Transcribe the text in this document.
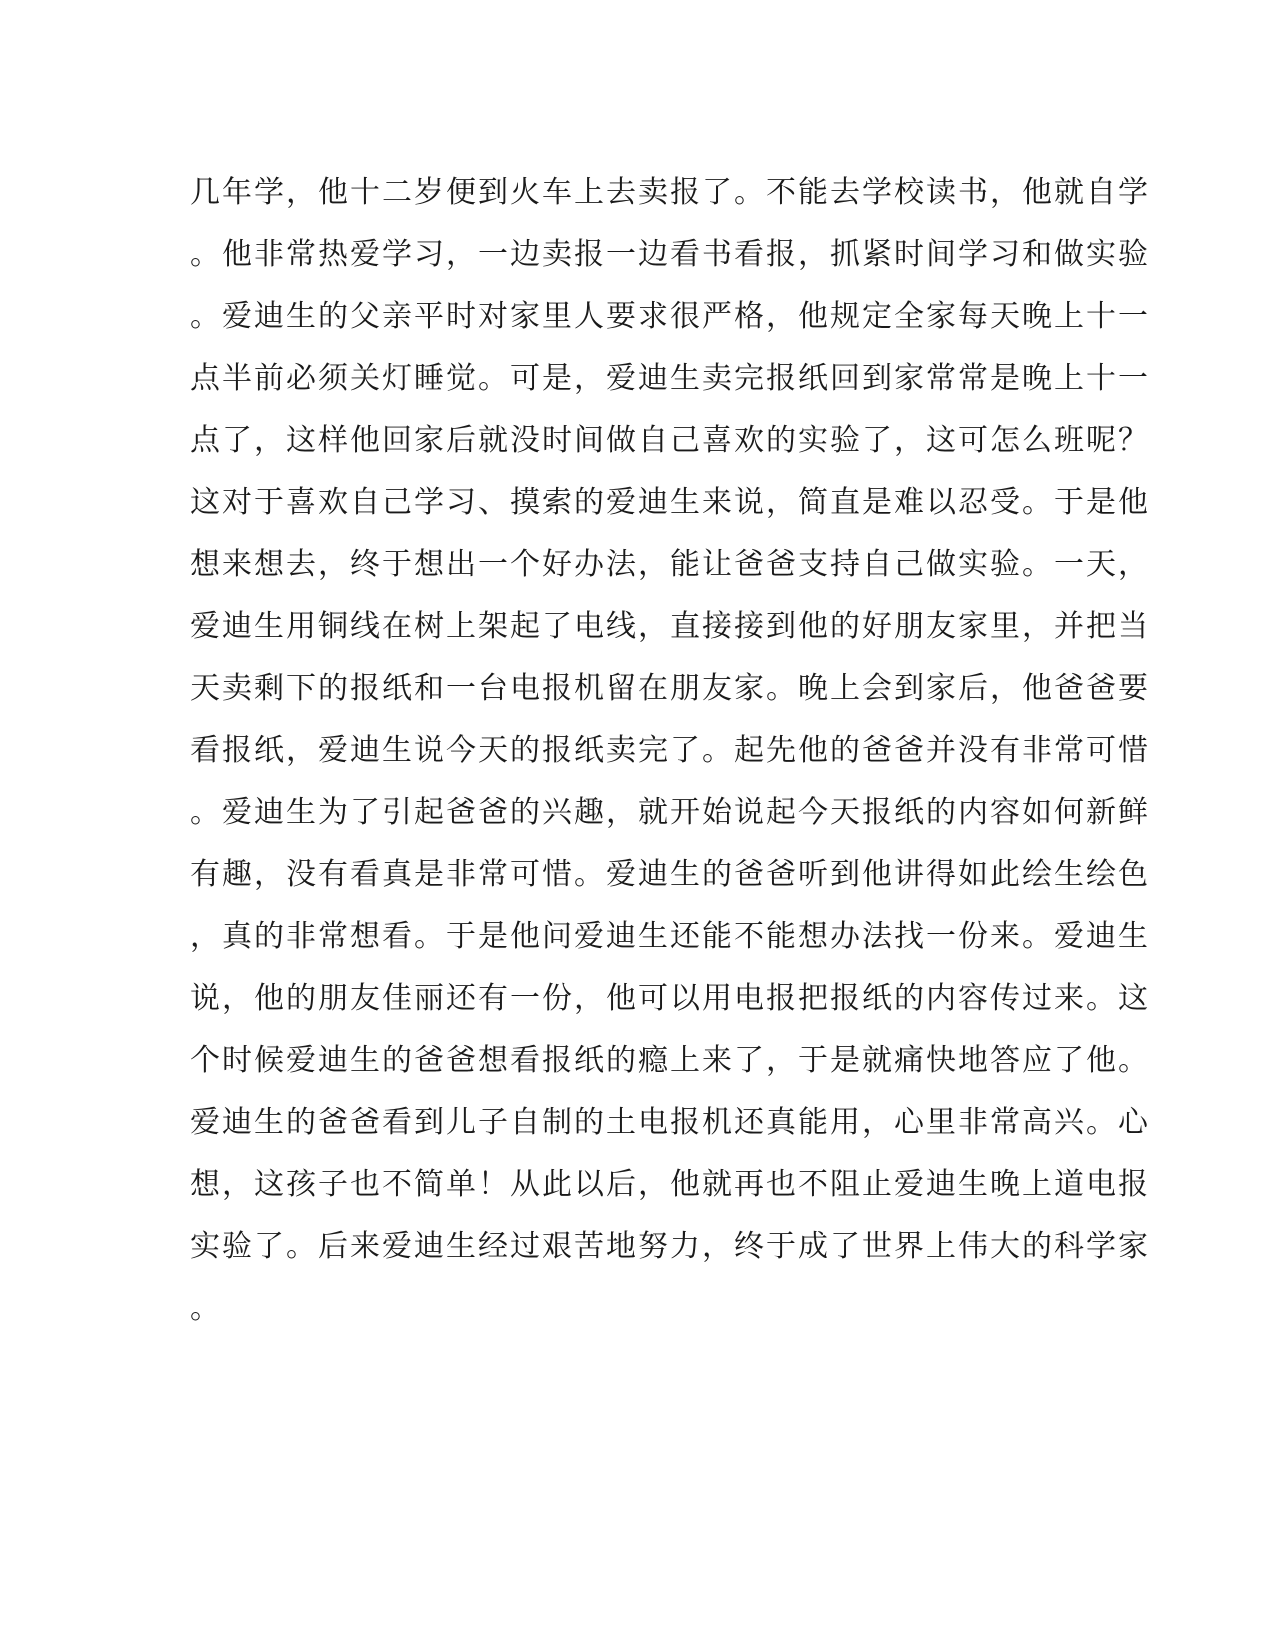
几年学，他十二岁便到火车上去卖报了。不能去学校读书，他就自学
。他非常热爱学习，一边卖报一边看书看报，抓紧时间学习和做实验
。爱迪生的父亲平时对家里人要求很严格，他规定全家每天晚上十一
点半前必须关灯睡觉。可是，爱迪生卖完报纸回到家常常是晚上十一
点了，这样他回家后就没时间做自己喜欢的实验了，这可怎么班呢？
这对于喜欢自己学习、摸索的爱迪生来说，简直是难以忍受。于是他
想来想去，终于想出一个好办法，能让爸爸支持自己做实验。一天，
爱迪生用铜线在树上架起了电线，直接接到他的好朋友家里，并把当
天卖剩下的报纸和一台电报机留在朋友家。晚上会到家后，他爸爸要
看报纸，爱迪生说今天的报纸卖完了。起先他的爸爸并没有非常可惜
。爱迪生为了引起爸爸的兴趣，就开始说起今天报纸的内容如何新鲜
有趣，没有看真是非常可惜。爱迪生的爸爸听到他讲得如此绘生绘色
，真的非常想看。于是他问爱迪生还能不能想办法找一份来。爱迪生
说，他的朋友佳丽还有一份，他可以用电报把报纸的内容传过来。这
个时候爱迪生的爸爸想看报纸的瘾上来了，于是就痛快地答应了他。
爱迪生的爸爸看到儿子自制的土电报机还真能用，心里非常高兴。心
想，这孩子也不简单！从此以后，他就再也不阻止爱迪生晚上道电报
实验了。后来爱迪生经过艰苦地努力，终于成了世界上伟大的科学家
。
